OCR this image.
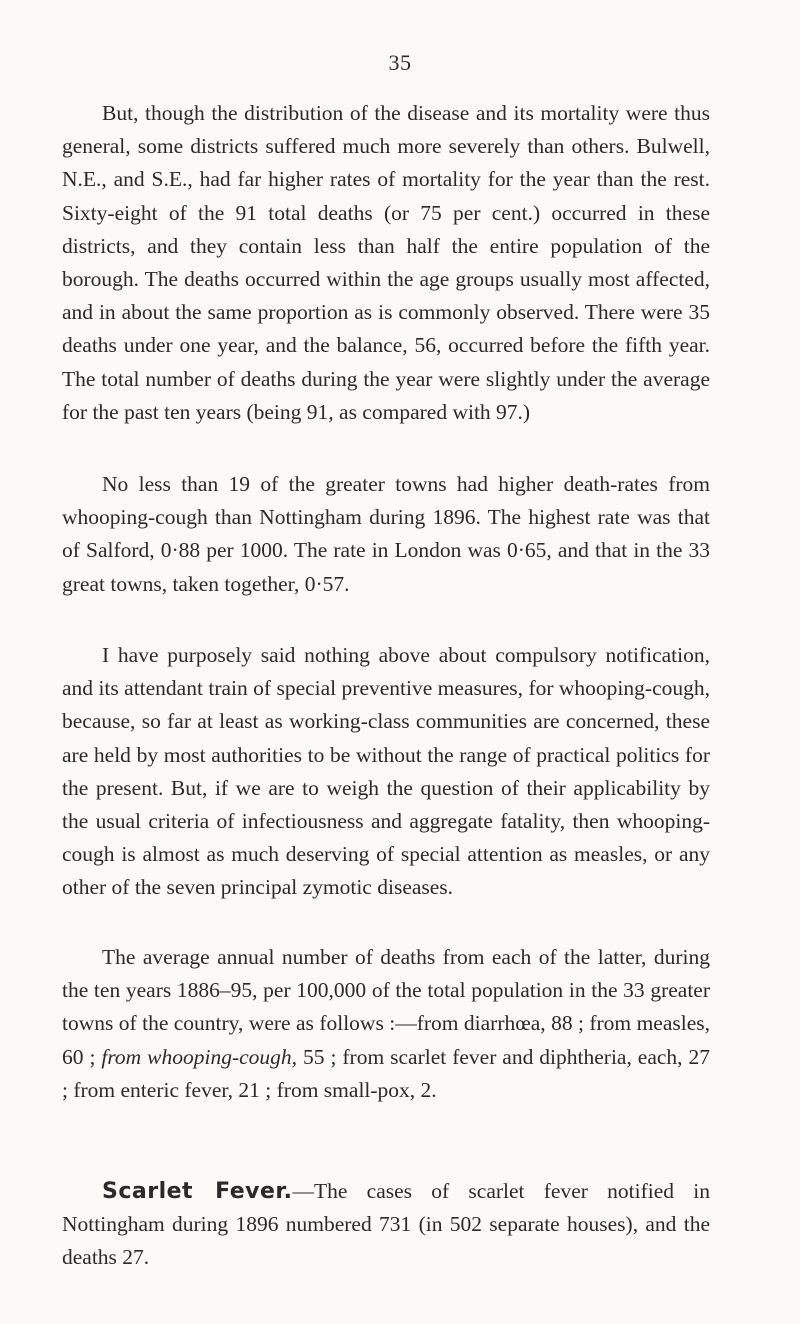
35

But, though the distribution of the disease and its mortality were thus general, some districts suffered much more severely than others. Bulwell, N.E., and S.E., had far higher rates of mortality for the year than the rest. Sixty-eight of the 91 total deaths (or 75 per cent.) occurred in these districts, and they contain less than half the entire population of the borough. The deaths occurred within the age groups usually most affected, and in about the same proportion as is commonly observed. There were 35 deaths under one year, and the balance, 56, occurred before the fifth year. The total number of deaths during the year were slightly under the average for the past ten years (being 91, as compared with 97.)

No less than 19 of the greater towns had higher death-rates from whooping-cough than Nottingham during 1896. The highest rate was that of Salford, 0·88 per 1000. The rate in London was 0·65, and that in the 33 great towns, taken together, 0·57.

I have purposely said nothing above about compulsory notification, and its attendant train of special preventive measures, for whooping-cough, because, so far at least as working-class communities are concerned, these are held by most authorities to be without the range of practical politics for the present. But, if we are to weigh the question of their applicability by the usual criteria of infectiousness and aggregate fatality, then whooping-cough is almost as much deserving of special attention as measles, or any other of the seven principal zymotic diseases.

The average annual number of deaths from each of the latter, during the ten years 1886–95, per 100,000 of the total population in the 33 greater towns of the country, were as follows :—from diarrhœa, 88 ; from measles, 60 ; from whooping-cough, 55 ; from scarlet fever and diphtheria, each, 27 ; from enteric fever, 21 ; from small-pox, 2.

Scarlet Fever.—The cases of scarlet fever notified in Nottingham during 1896 numbered 731 (in 502 separate houses), and the deaths 27.
